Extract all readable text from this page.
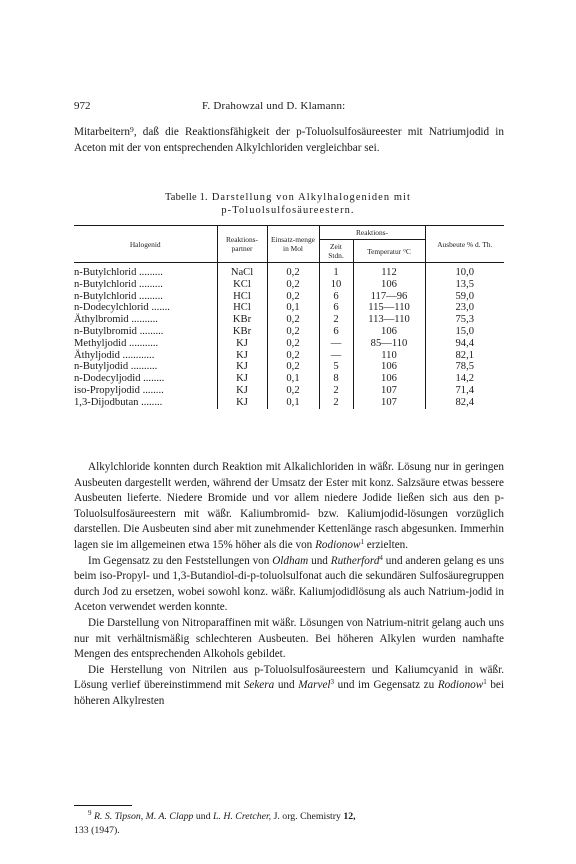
972	F. Drahowzal und D. Klamann:

Mitarbeitern⁹, daß die Reaktionsfähigkeit der p-Toluolsulfosäureester mit Natriumjodid in Aceton mit der von entsprechenden Alkylchloriden vergleichbar sei.

Tabelle 1. Darstellung von Alkylhalogeniden mit
p-Toluolsulfosäureestern.
Halogenid	Reaktions-partner	Einsatz-menge in Mol	Reaktions-		Ausbeute % d. Th.
			Zeit Stdn.	Temperatur °C	
n-Butylchlorid .........	NaCl	0,2	1	112	10,0
n-Butylchlorid .........	KCl	0,2	10	106	13,5
n-Butylchlorid .........	HCl	0,2	6	117—96	59,0
n-Dodecylchlorid .......	HCl	0,1	6	115—110	23,0
Äthylbromid ..........	KBr	0,2	2	113—110	75,3
n-Butylbromid .........	KBr	0,2	6	106	15,0
Methyljodid ...........	KJ	0,2	—	85—110	94,4
Äthyljodid ............	KJ	0,2	—	110	82,1
n-Butyljodid ..........	KJ	0,2	5	106	78,5
n-Dodecyljodid ........	KJ	0,1	8	106	14,2
iso-Propyljodid ........	KJ	0,2	2	107	71,4
1,3-Dijodbutan ........	KJ	0,1	2	107	82,4

Alkylchloride konnten durch Reaktion mit Alkalichloriden in wäßr. Lösung nur in geringen Ausbeuten dargestellt werden, während der Umsatz der Ester mit konz. Salzsäure etwas bessere Ausbeuten lieferte. Niedere Bromide und vor allem niedere Jodide ließen sich aus den p-Toluolsulfosäureestern mit wäßr. Kaliumbromid- bzw. Kaliumjodid-lösungen vorzüglich darstellen. Die Ausbeuten sind aber mit zunehmender Kettenlänge rasch abgesunken. Immerhin lagen sie im allgemeinen etwa 15% höher als die von Rodionow$^1$ erzielten.

Im Gegensatz zu den Feststellungen von Oldham und Rutherford$^4$ und anderen gelang es uns beim iso-Propyl- und 1,3-Butandiol-di-p-toluolsulfonat auch die sekundären Sulfosäuregruppen durch Jod zu ersetzen, wobei sowohl konz. wäßr. Kaliumjodidlösung als auch Natrium-jodid in Aceton verwendet werden konnte.

Die Darstellung von Nitroparaffinen mit wäßr. Lösungen von Natrium-nitrit gelang auch uns nur mit verhältnismäßig schlechteren Ausbeuten. Bei höheren Alkylen wurden namhafte Mengen des entsprechenden Alkohols gebildet.

Die Herstellung von Nitrilen aus p-Toluolsulfosäureestern und Kaliumcyanid in wäßr. Lösung verlief übereinstimmend mit Sekera und Marvel$^3$ und im Gegensatz zu Rodionow$^1$ bei höheren Alkylresten

$^9$ R. S. Tipson, M. A. Clapp und L. H. Cretcher, J. org. Chemistry 12,
133 (1947).
